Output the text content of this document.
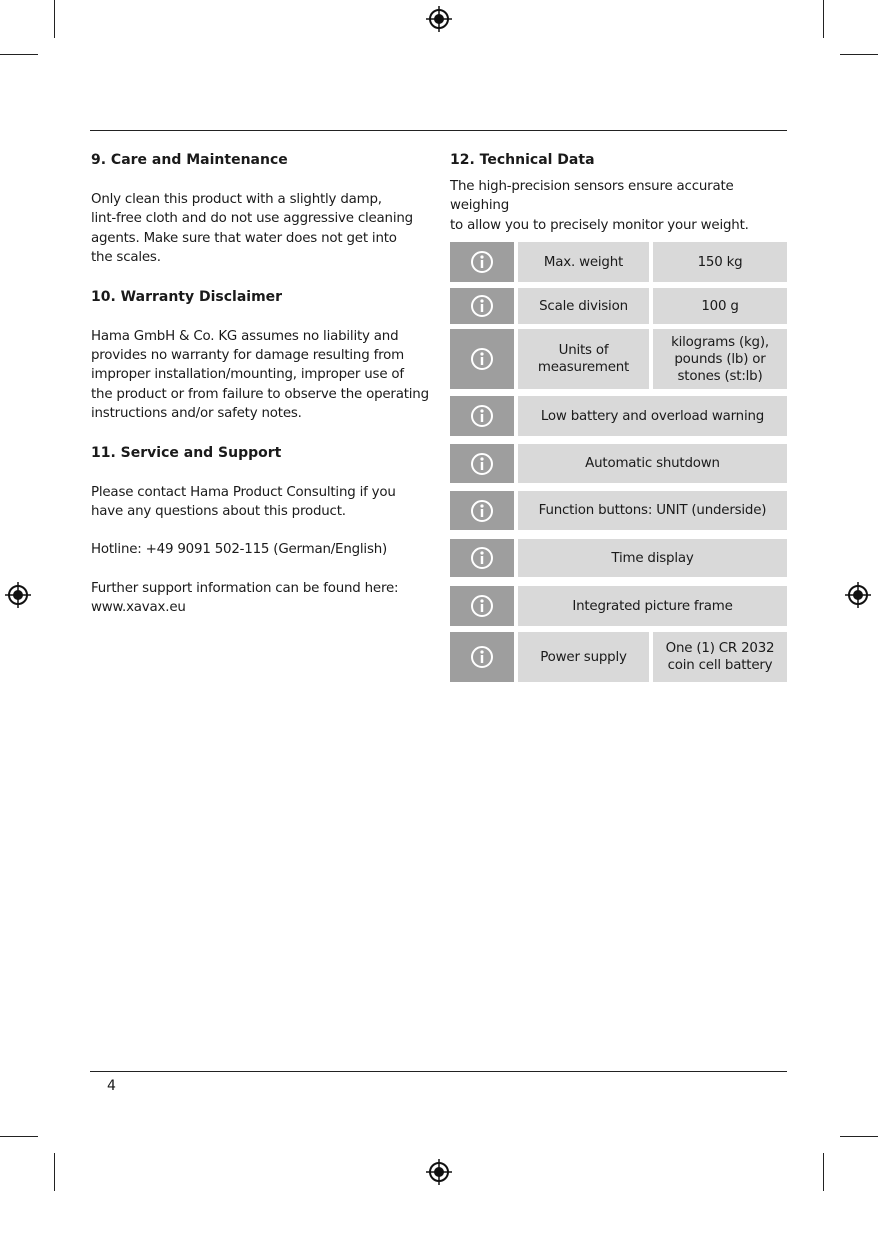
9. Care and Maintenance

Only clean this product with a slightly damp,
lint-free cloth and do not use aggressive cleaning
agents. Make sure that water does not get into
the scales.

10. Warranty Disclaimer

Hama GmbH & Co. KG assumes no liability and
provides no warranty for damage resulting from
improper installation/mounting, improper use of
the product or from failure to observe the operating
instructions and/or safety notes.

11. Service and Support

Please contact Hama Product Consulting if you
have any questions about this product.

Hotline: +49 9091 502-115 (German/English)

Further support information can be found here:
www.xavax.eu

12. Technical Data

The high-precision sensors ensure accurate weighing
to allow you to precisely monitor your weight.

Max. weight	150 kg
Scale division	100 g
Units of measurement
kilograms (kg), pounds (lb) or stones (st:lb)
Low battery and overload warning
Automatic shutdown
Function buttons: UNIT (underside)
Time display
Integrated picture frame
Power supply
One (1) CR 2032 coin cell battery
4
